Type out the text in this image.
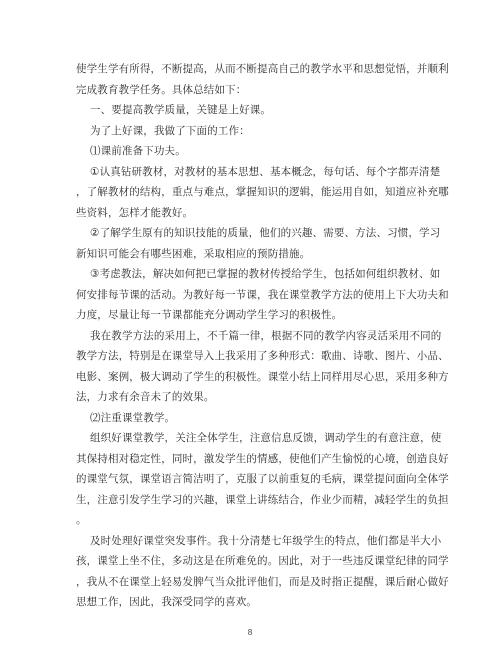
使学生学有所得，不断提高，从而不断提高自己的教学水平和思想觉悟，并顺利
完成教育教学任务。具体总结如下：
一、要提高教学质量，关键是上好课。
为了上好课，我做了下面的工作：
⑴课前准备下功夫。
①认真钻研教材，对教材的基本思想、基本概念，每句话、每个字都弄清楚
，了解教材的结构，重点与难点，掌握知识的逻辑，能运用自如，知道应补充哪
些资料，怎样才能教好。
②了解学生原有的知识技能的质量，他们的兴趣、需要、方法、习惯，学习
新知识可能会有哪些困难，采取相应的预防措施。
③考虑教法，解决如何把已掌握的教材传授给学生，包括如何组织教材、如
何安排每节课的活动。为教好每一节课，我在课堂教学方法的使用上下大功夫和
力度，尽量让每一节课都能充分调动学生学习的积极性。
我在教学方法的采用上，不千篇一律，根据不同的教学内容灵活采用不同的
教学方法，特别是在课堂导入上我采用了多种形式：歌曲、诗歌、图片、小品、
电影、案例，极大调动了学生的积极性。课堂小结上同样用尽心思，采用多种方
法，力求有余音未了的效果。
⑵注重课堂教学。
组织好课堂教学，关注全体学生，注意信息反馈，调动学生的有意注意，使
其保持相对稳定性，同时，激发学生的情感，使他们产生愉悦的心境，创造良好
的课堂气氛，课堂语言简洁明了，克服了以前重复的毛病，课堂提问面向全体学
生，注意引发学生学习的兴趣，课堂上讲练结合，作业少而精，减轻学生的负担
。
及时处理好课堂突发事件。我十分清楚七年级学生的特点，他们都是半大小
孩，课堂上坐不住，多动这是在所难免的。因此，对于一些违反课堂纪律的同学
，我从不在课堂上轻易发脾气当众批评他们，而是及时指正提醒，课后耐心做好
思想工作，因此，我深受同学的喜欢。
8
